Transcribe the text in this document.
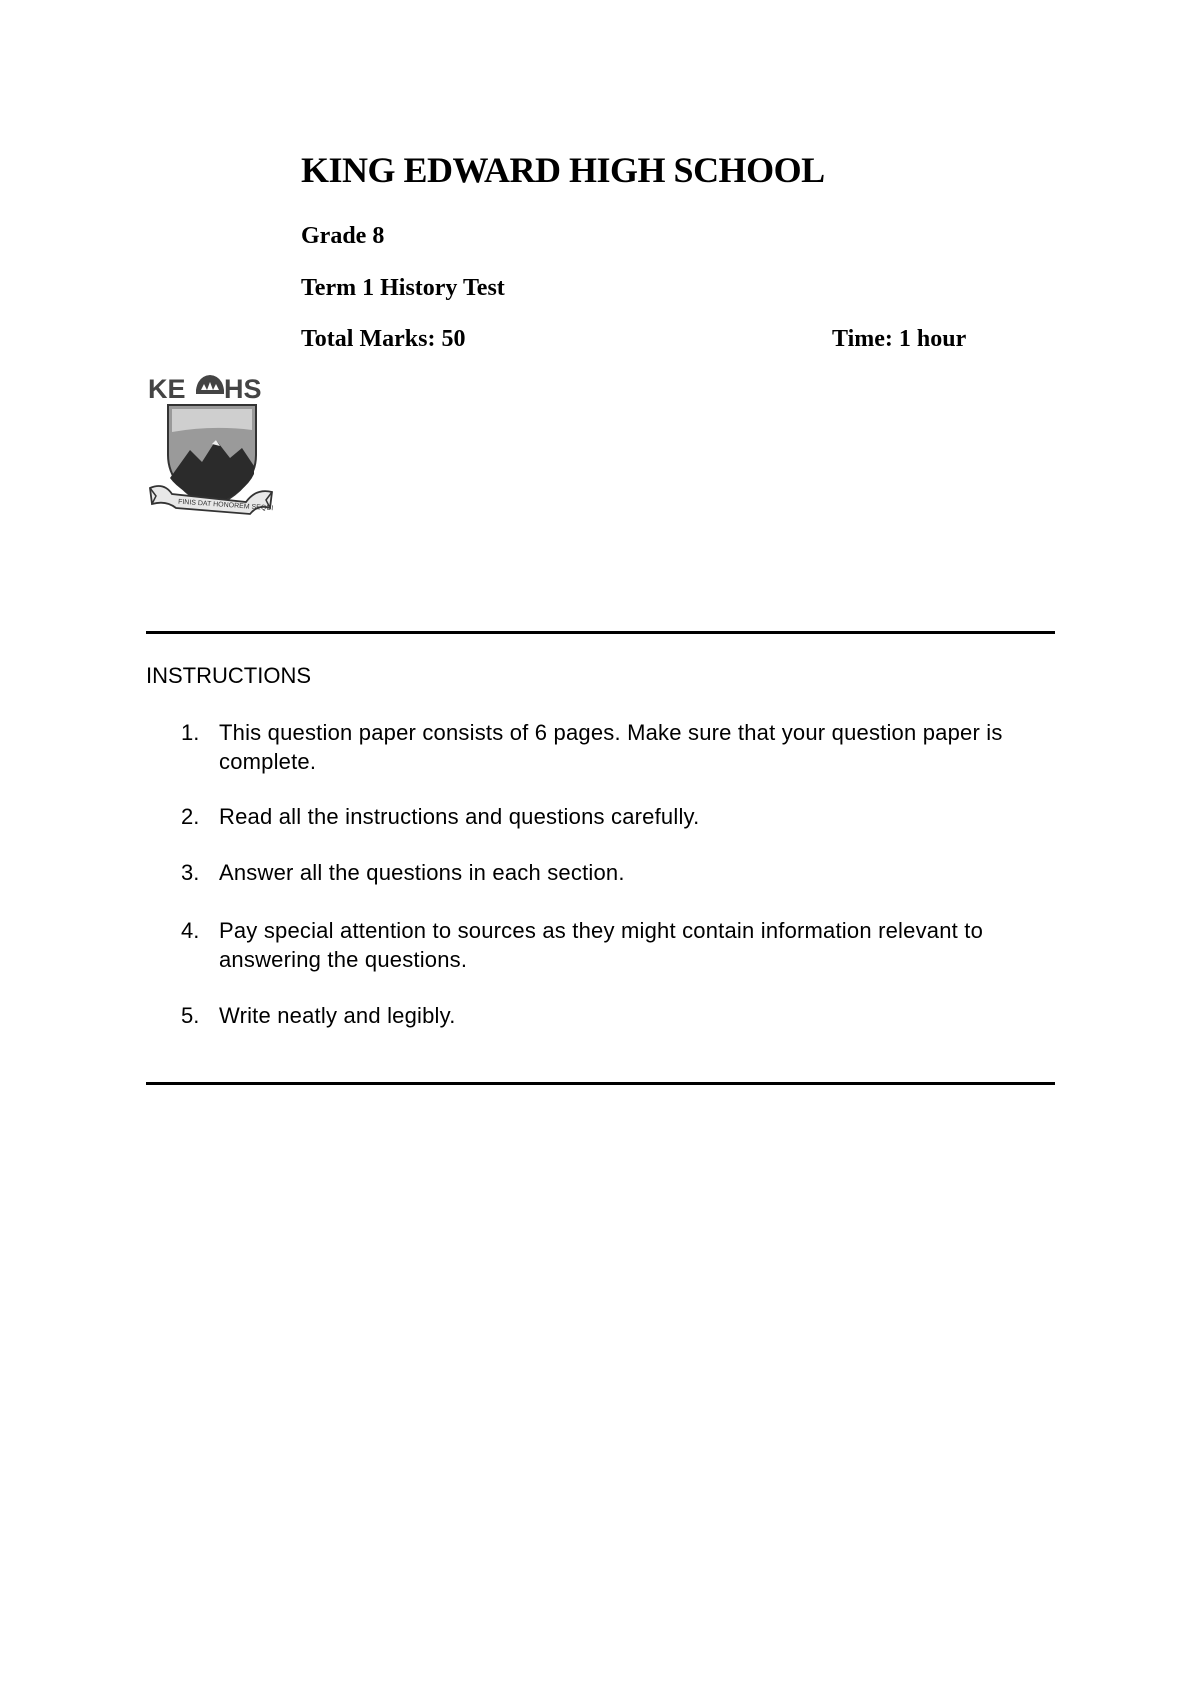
KING EDWARD HIGH SCHOOL

Grade 8

Term 1 History Test

Total Marks: 50	Time: 1 hour

KE HS
FINIS DAT HONOREM SEQUI
INSTRUCTIONS
1. This question paper consists of 6 pages. Make sure that your question paper is complete.
2. Read all the instructions and questions carefully.
3. Answer all the questions in each section.
4. Pay special attention to sources as they might contain information relevant to answering the questions.
5. Write neatly and legibly.
